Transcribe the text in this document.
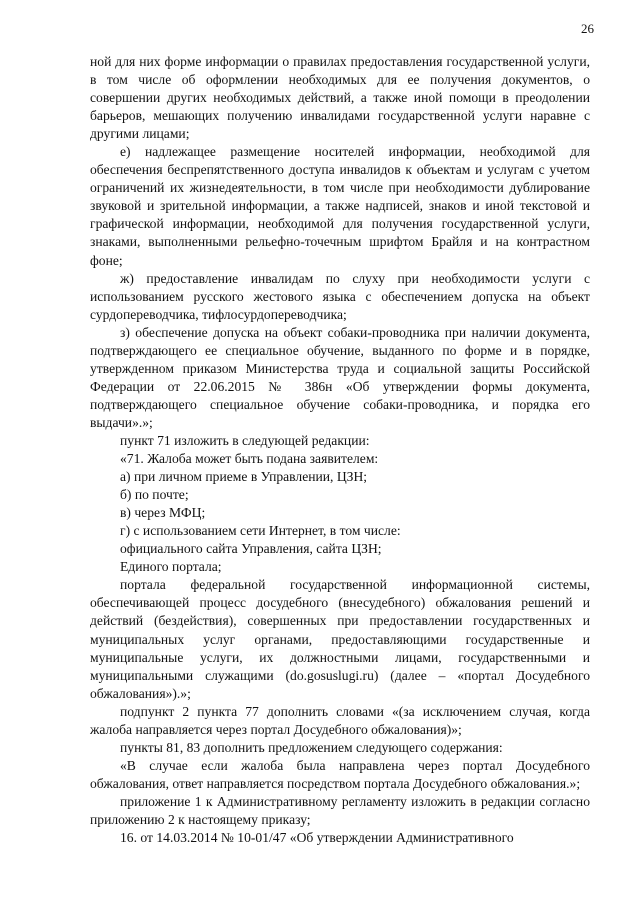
26

ной для них форме информации о правилах предоставления государственной услуги, в том числе об оформлении необходимых для ее получения документов, о совершении других необходимых действий, а также иной помощи в преодолении барьеров, мешающих получению инвалидами государственной услуги наравне с другими лицами;

е) надлежащее размещение носителей информации, необходимой для обеспечения беспрепятственного доступа инвалидов к объектам и услугам с учетом ограничений их жизнедеятельности, в том числе при необходимости дублирование звуковой и зрительной информации, а также надписей, знаков и иной текстовой и графической информации, необходимой для получения государственной услуги, знаками, выполненными рельефно-точечным шрифтом Брайля и на контрастном фоне;

ж) предоставление инвалидам по слуху при необходимости услуги с использованием русского жестового языка с обеспечением допуска на объект сурдопереводчика, тифлосурдопереводчика;

з) обеспечение допуска на объект собаки-проводника при наличии документа, подтверждающего ее специальное обучение, выданного по форме и в порядке, утвержденном приказом Министерства труда и социальной защиты Российской Федерации от 22.06.2015 № 386н «Об утверждении формы документа, подтверждающего специальное обучение собаки-проводника, и порядка его выдачи».»;

пункт 71 изложить в следующей редакции:

«71. Жалоба может быть подана заявителем:

а) при личном приеме в Управлении, ЦЗН;

б) по почте;

в) через МФЦ;

г) с использованием сети Интернет, в том числе:

официального сайта Управления, сайта ЦЗН;

Единого портала;

портала федеральной государственной информационной системы, обеспечивающей процесс досудебного (внесудебного) обжалования решений и действий (бездействия), совершенных при предоставлении государственных и муниципальных услуг органами, предоставляющими государственные и муниципальные услуги, их должностными лицами, государственными и муниципальными служащими (do.gosuslugi.ru) (далее – «портал Досудебного обжалования»).»;

подпункт 2 пункта 77 дополнить словами «(за исключением случая, когда жалоба направляется через портал Досудебного обжалования)»;

пункты 81, 83 дополнить предложением следующего содержания:

«В случае если жалоба была направлена через портал Досудебного обжалования, ответ направляется посредством портала Досудебного обжалования.»;

приложение 1 к Административному регламенту изложить в редакции согласно приложению 2 к настоящему приказу;

16. от 14.03.2014 № 10-01/47 «Об утверждении Административного
